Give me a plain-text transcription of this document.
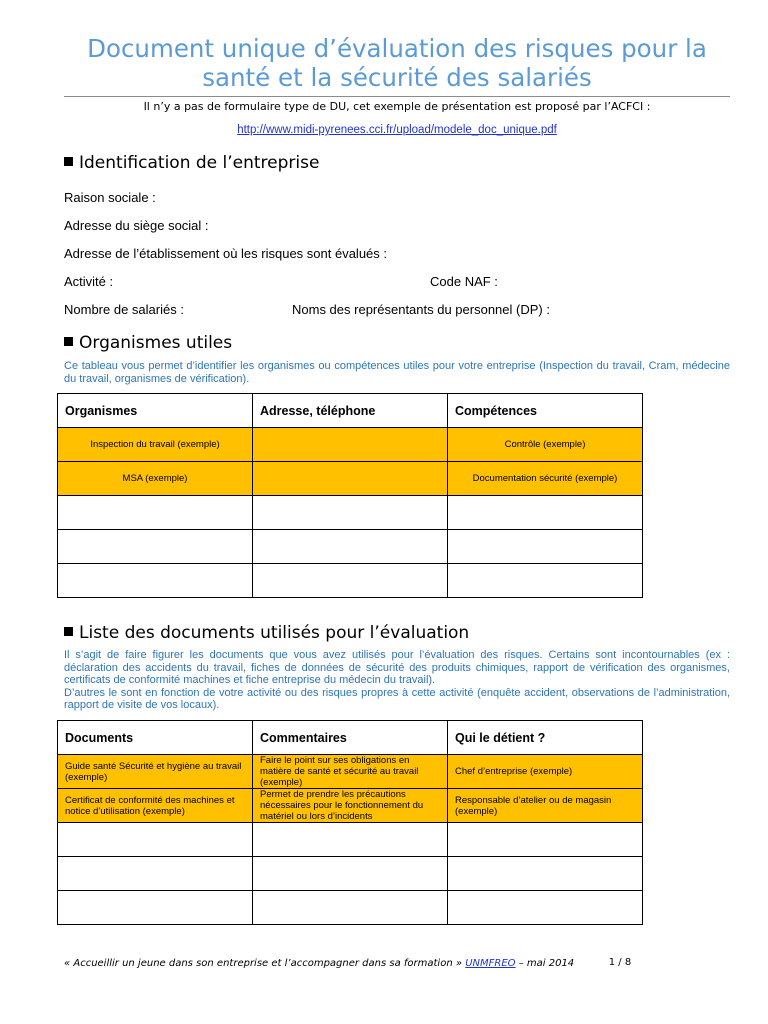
Document unique d’évaluation des risques pour la
santé et la sécurité des salariés
Il n’y a pas de formulaire type de DU, cet exemple de présentation est proposé par l’ACFCI :
http://www.midi-pyrenees.cci.fr/upload/modele_doc_unique.pdf
Identification de l’entreprise
Raison sociale :
Adresse du siège social :
Adresse de l’établissement où les risques sont évalués :
Activité :	Code NAF :
Nombre de salariés :	Noms des représentants du personnel (DP) :
Organismes utiles
Ce tableau vous permet d’identifier les organismes ou compétences utiles pour votre entreprise (Inspection du travail, Cram, médecine du travail, organismes de vérification).
Organismes	Adresse, téléphone	Compétences
Inspection du travail (exemple)		Contrôle (exemple)
MSA (exemple)		Documentation sécurité (exemple)

Liste des documents utilisés pour l’évaluation
Il s’agit de faire figurer les documents que vous avez utilisés pour l’évaluation des risques. Certains sont incontournables (ex : déclaration des accidents du travail, fiches de données de sécurité des produits chimiques, rapport de vérification des organismes, certificats de conformité machines et fiche entreprise du médecin du travail).
D’autres le sont en fonction de votre activité ou des risques propres à cette activité (enquête accident, observations de l’administration, rapport de visite de vos locaux).
Documents	Commentaires	Qui le détient ?
Guide santé Sécurité et hygiène au travail (exemple)	Faire le point sur ses obligations en matière de santé et sécurité au travail (exemple)	Chef d’entreprise (exemple)
Certificat de conformité des machines et notice d’utilisation (exemple)	Permet de prendre les précautions nécessaires pour le fonctionnement du matériel ou lors d’incidents	Responsable d’atelier ou de magasin (exemple)

« Accueillir un jeune dans son entreprise et l’accompagner dans sa formation » UNMFREO – mai 2014	1 / 8
